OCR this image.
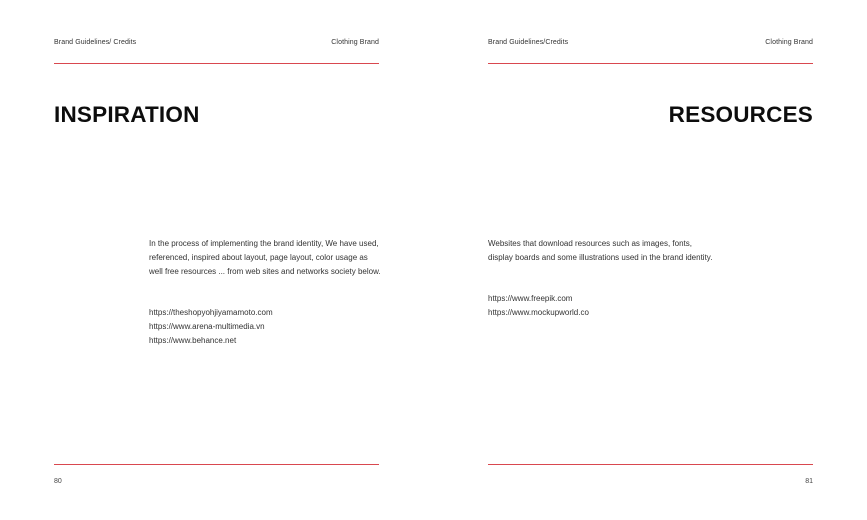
Brand Guidelines/ Credits	Clothing Brand
INSPIRATION

In the process of implementing the brand identity, We have used, referenced, inspired about layout, page layout, color usage as well free resources ... from web sites and networks society below.

https://theshopyohjiyamamoto.com
https://www.arena-multimedia.vn
https://www.behance.net
80
Brand Guidelines/Credits	Clothing Brand
RESOURCES

Websites that download resources such as images, fonts, display boards and some illustrations used in the brand identity.

https://www.freepik.com
https://www.mockupworld.co
81
